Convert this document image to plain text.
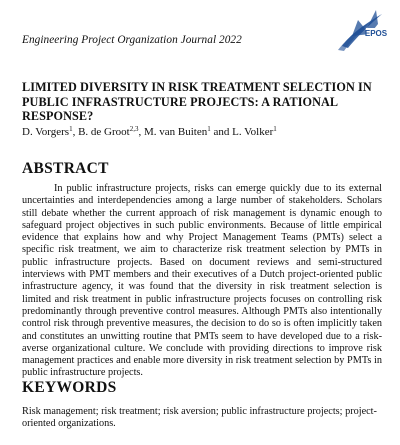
Engineering Project Organization Journal 2022
EPOS
LIMITED DIVERSITY IN RISK TREATMENT SELECTION IN PUBLIC INFRASTRUCTURE PROJECTS: A RATIONAL RESPONSE?
D. Vorgers$^1$, B. de Groot$^{2,3}$, M. van Buiten$^1$ and L. Volker$^1$
ABSTRACT

In public infrastructure projects, risks can emerge quickly due to its external uncertainties and interdependencies among a large number of stakeholders. Scholars still debate whether the current approach of risk management is dynamic enough to safeguard project objectives in such public environments. Because of little empirical evidence that explains how and why Project Management Teams (PMTs) select a specific risk treatment, we aim to characterize risk treatment selection by PMTs in public infrastructure projects. Based on document reviews and semi-structured interviews with PMT members and their executives of a Dutch project-oriented public infrastructure agency, it was found that the diversity in risk treatment selection is limited and risk treatment in public infrastructure projects focuses on controlling risk predominantly through preventive control measures. Although PMTs also intentionally control risk through preventive measures, the decision to do so is often implicitly taken and constitutes an unwitting routine that PMTs seem to have developed due to a risk-averse organizational culture. We conclude with providing directions to improve risk management practices and enable more diversity in risk treatment selection by PMTs in public infrastructure projects.

KEYWORDS

Risk management; risk treatment; risk aversion; public infrastructure projects; project-oriented organizations.
